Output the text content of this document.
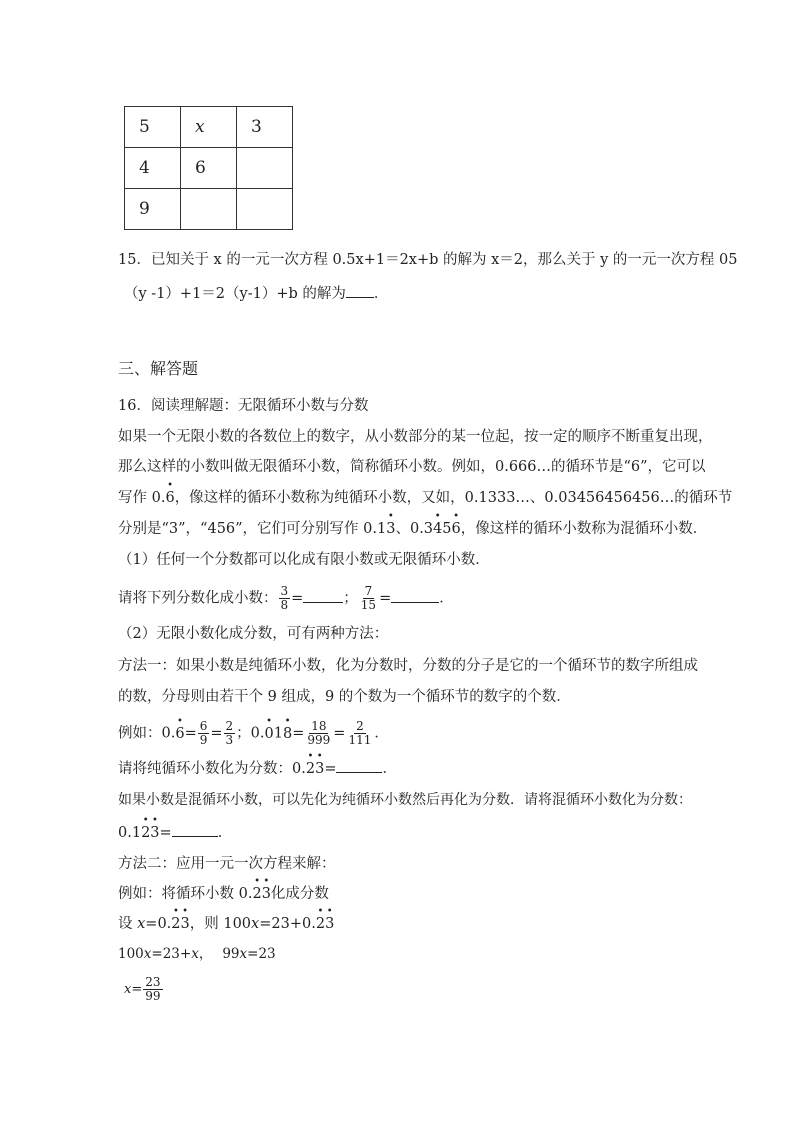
5	x	3
4	6	
9		
15．已知关于 x 的一元一次方程 0.5x+1＝2x+b 的解为 x＝2，那么关于 y 的一元一次方程 05
（y -1）+1＝2（y-1）+b 的解为 ．
三、解答题
16．阅读理解题：无限循环小数与分数
如果一个无限小数的各数位上的数字，从小数部分的某一位起，按一定的顺序不断重复出现，
那么这样的小数叫做无限循环小数，简称循环小数。例如，0.666…的循环节是“6”，它可以
写作 0.6
•
，像这样的循环小数称为纯循环小数，又如，0.1333…、0.03456456456…的循环节
分别是“3”，“456”，它们可分别写作 0.13
•
、0.34
•
56
•
，像这样的循环小数称为混循环小数．
（1）任何一个分数都可以化成有限小数或无限循环小数．
请将下列分数化成小数： $\frac{3}{8}$ =	； $\frac{7}{15}$ =	．
（2）无限小数化成分数，可有两种方法：
方法一：如果小数是纯循环小数，化为分数时，分数的分子是它的一个循环节的数字所组成
的数，分母则由若干个 9 组成，9 的个数为一个循环节的数字的个数．
例如：0.6
•
= $\frac{6}{9} = \frac{2}{3}$ ；0.0
•
18
•
= $\frac{18}{999} = \frac{2}{111}$ ．
请将纯循环小数化为分数：0.2
•
3
•
=	．
如果小数是混循环小数，可以先化为纯循环小数然后再化为分数．请将混循环小数化为分数：
0.12
•
3
•
=	．
方法二：应用一元一次方程来解：
例如：将循环小数 0.2
•
3
•
化成分数
设 x=0.2
•
3
•
，则 100x=23+0.2
•
3
•
100x=23+x， 99x=23
$x= \frac{23}{99}$
